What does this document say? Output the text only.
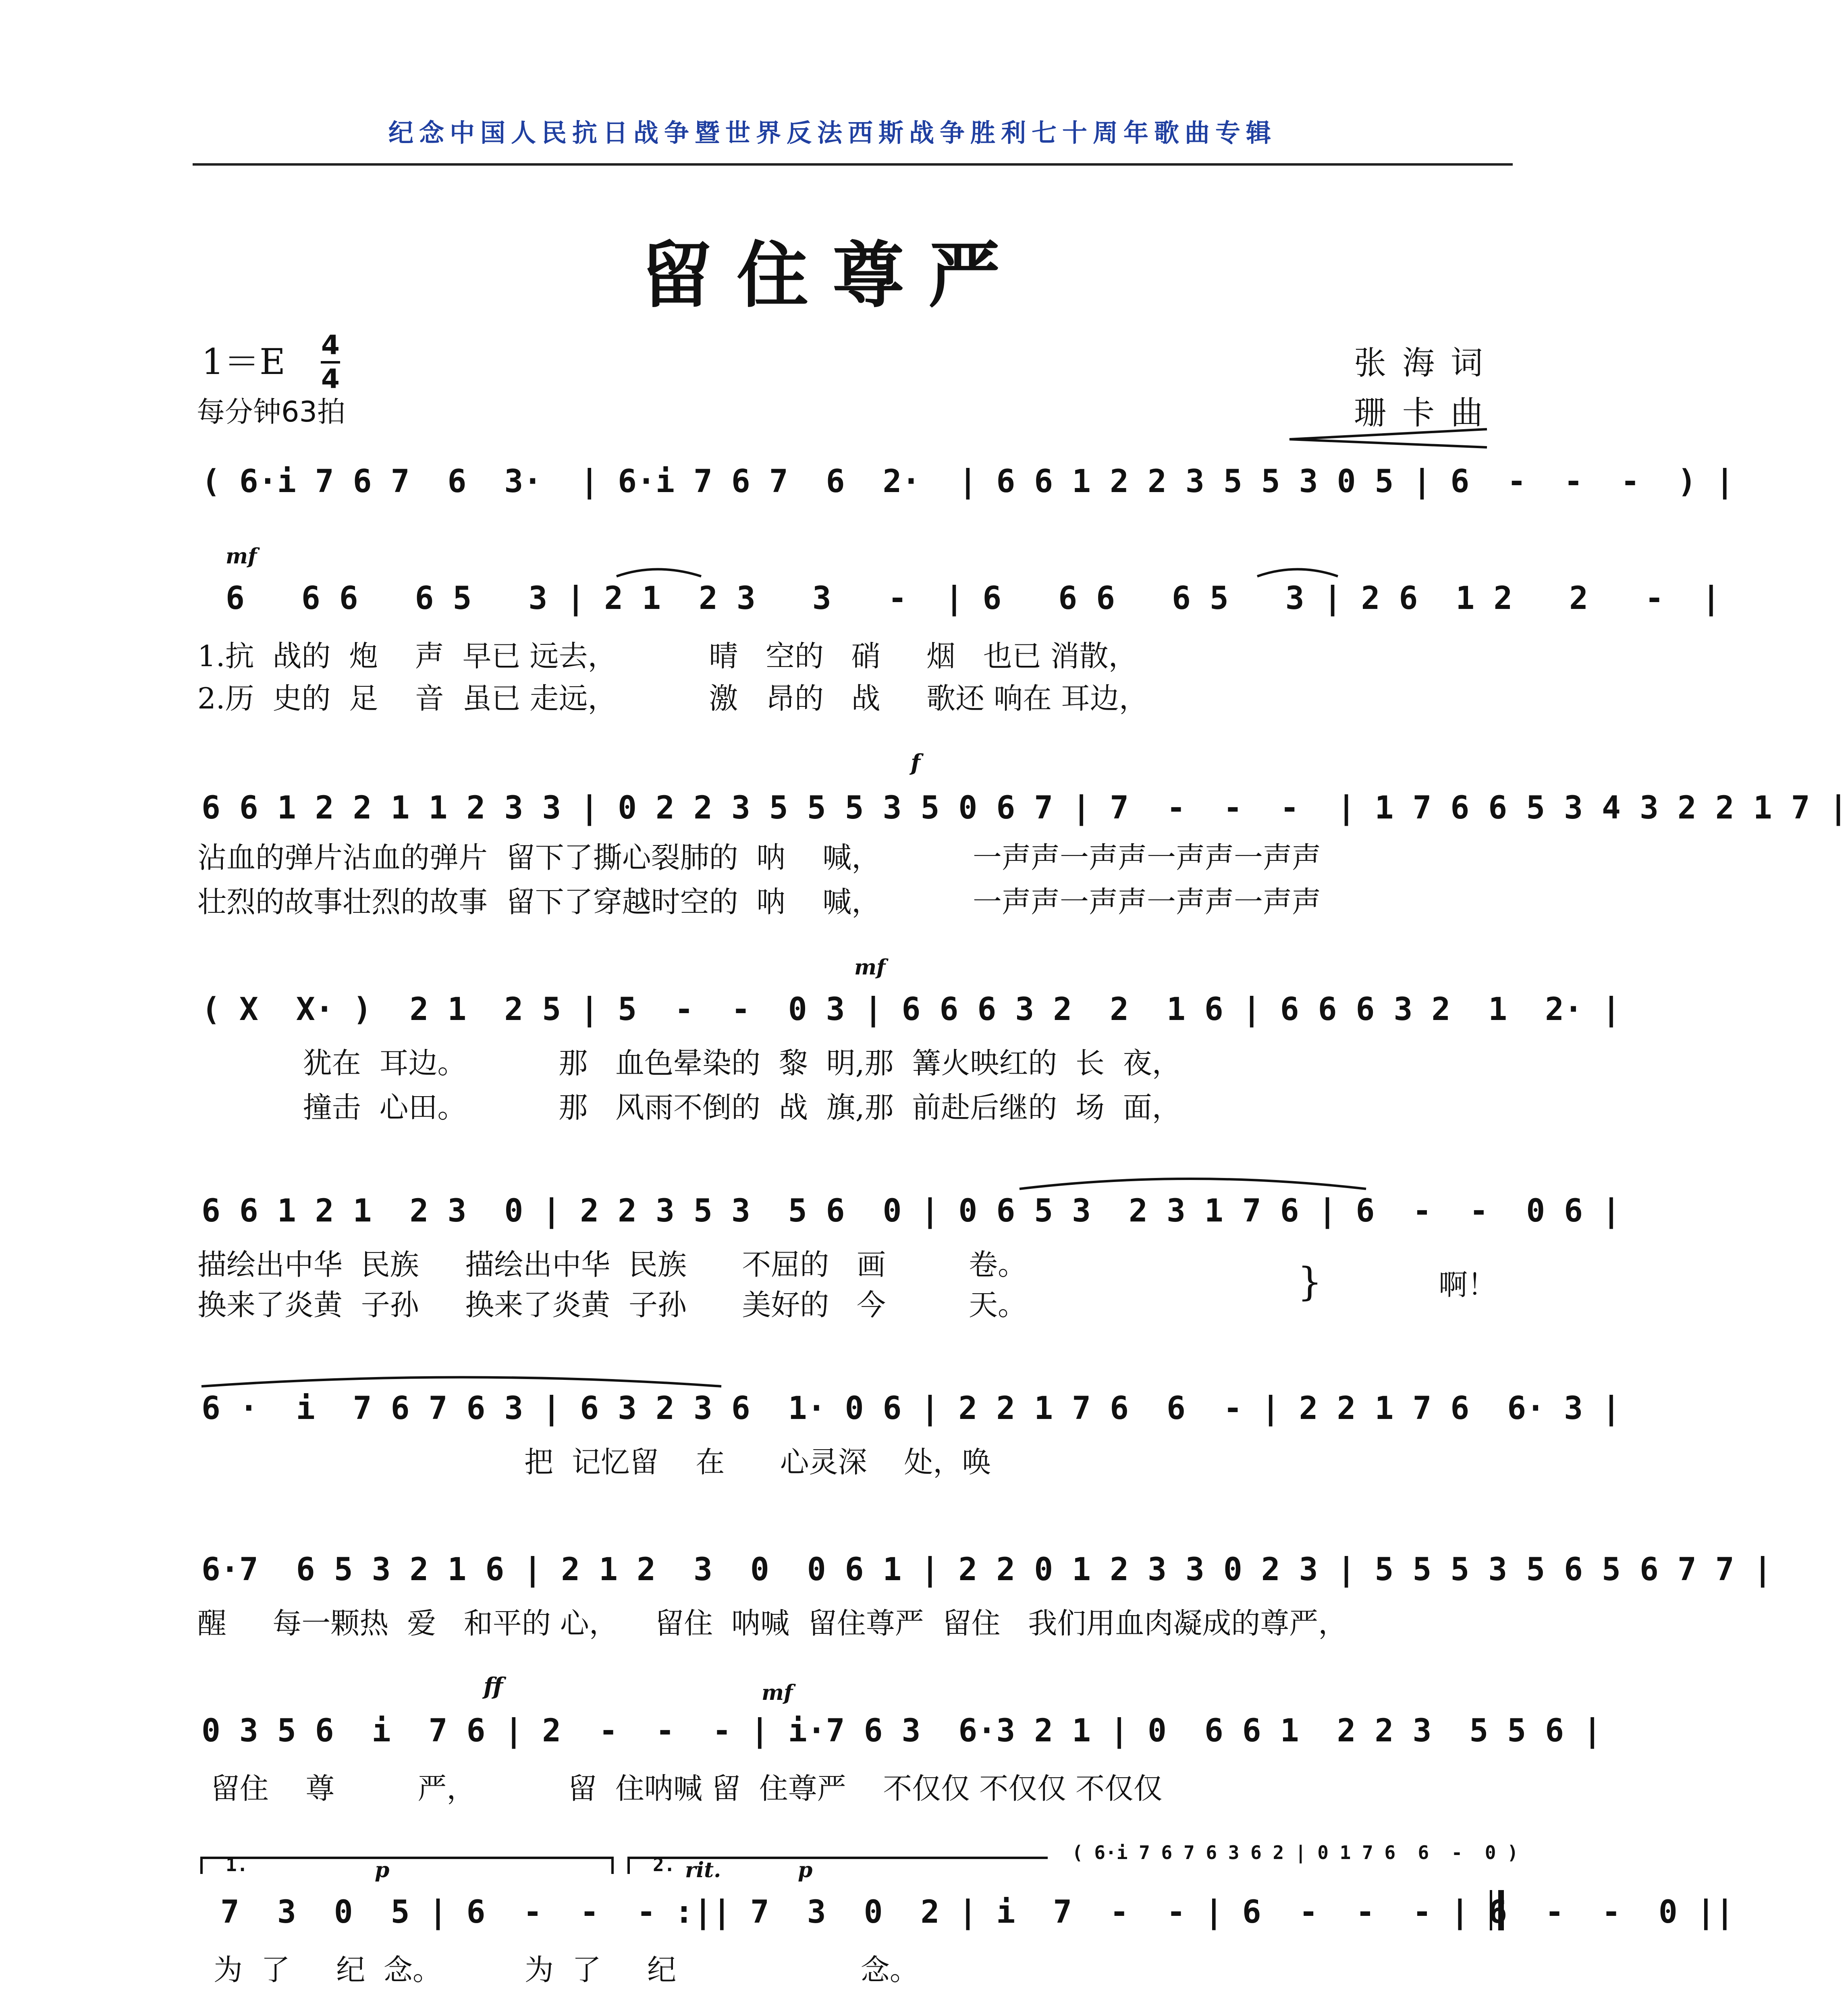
纪念中国人民抗日战争暨世界反法西斯战争胜利七十周年歌曲专辑
留住尊严
1＝E 4
4
每分钟63拍
张海词
珊卡曲
( 6·i 7 6 7  6  3·  | 6·i 7 6 7  6  2·  | 6 6 1 2 2 3 5 5 3 0 5 | 6  -  -  -  ) |
mf
6   6 6   6 5   3 | 2 1  2 3   3   -  | 6   6 6   6 5   3 | 2 6  1 2   2   -  |
1.抗  战的  炮    声  早已 远去，          晴   空的   硝     烟   也已 消散，
2.历  史的  足    音  虽已 走远，          激   昂的   战     歌还 响在 耳边，
f
6 6 1 2 2 1 1 2 3 3 | 0 2 2 3 5 5 5 3 5 0 6 7 | 7  -  -  -  | 1 7 6 6 5 3 4 3 2 2 1 7 |
沾血的弹片沾血的弹片  留下了撕心裂肺的  呐    喊，          一声声一声声一声声一声声
壮烈的故事壮烈的故事  留下了穿越时空的  呐    喊，          一声声一声声一声声一声声
mf
( X  X· )  2 1  2 5 | 5  -  -  0 3 | 6 6 6 3 2  2  1 6 | 6 6 6 3 2  1  2· |
犹在  耳边。          那   血色晕染的  黎  明,那  篝火映红的  长  夜，
撞击  心田。          那   风雨不倒的  战  旗,那  前赴后继的  场  面，
6 6 1 2 1  2 3  0 | 2 2 3 5 3  5 6  0 | 0 6 5 3  2 3 1 7 6 | 6  -  -  0 6 |
描绘出中华  民族     描绘出中华  民族      不屈的   画         卷。
换来了炎黄  子孙     换来了炎黄  子孙      美好的   今         天。
}	啊！
6 ·  i  7 6 7 6 3 | 6 3 2 3 6  1· 0 6 | 2 2 1 7 6  6  - | 2 2 1 7 6  6· 3 |
把  记忆留    在      心灵深    处，唤
6·7  6 5 3 2 1 6 | 2 1 2  3  0  0 6 1 | 2 2 0 1 2 3 3 0 2 3 | 5 5 5 3 5 6 5 6 7 7 |
醒     每一颗热  爱   和平的 心，    留住  呐喊  留住尊严  留住   我们用血肉凝成的尊严，
ff	mf
0 3 5 6  i  7 6 | 2  -  -  - | i·7 6 3  6·3 2 1 | 0  6 6 1  2 2 3  5 5 6 |
留住    尊         严，          留  住呐喊 留  住尊严    不仅仅 不仅仅 不仅仅
1.	2. rit.
p	p
( 6·i 7 6 7 6 3 6 2 | 0 1 7 6  6  -  0 )
7  3  0  5 | 6  -  -  - :|| 7  3  0  2 | i  7  -  - | 6  -  -  - | 6  -  -  0 ||
为  了     纪  念。         为  了     纪                    念。
